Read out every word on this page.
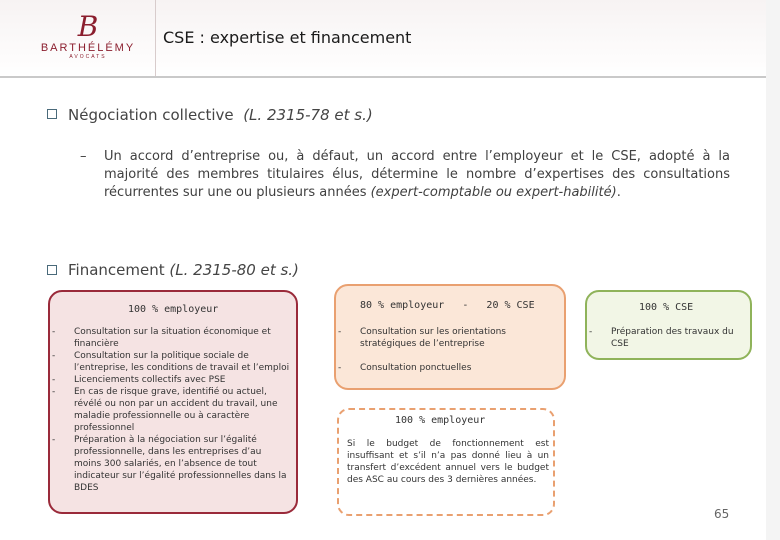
B
BARTHÉLÉMY
AVOCATS
CSE : expertise et financement
Négociation collective (L. 2315-78 et s.)
– Un accord d’entreprise ou, à défaut, un accord entre l’employeur et le CSE, adopté à la majorité des membres titulaires élus, détermine le nombre d’expertises des consultations récurrentes sur une ou plusieurs années (expert-comptable ou expert-habilité).
Financement (L. 2315-80 et s.)
100 % employeur
- Consultation sur la situation économique et financière
- Consultation sur la politique sociale de l’entreprise, les conditions de travail et l’emploi
- Licenciements collectifs avec PSE
- En cas de risque grave, identifié ou actuel, révélé ou non par un accident du travail, une maladie professionnelle ou à caractère professionnel
- Préparation à la négociation sur l’égalité professionnelle, dans les entreprises d’au moins 300 salariés, en l’absence de tout indicateur sur l’égalité professionnelles dans la BDES
80 % employeur   -   20 % CSE
- Consultation sur les orientations stratégiques de l’entreprise
- Consultation ponctuelles
100 % CSE
- Préparation des travaux du CSE
100 % employeur
Si le budget de fonctionnement est insuffisant et s’il n’a pas donné lieu à un transfert d’excédent annuel vers le budget des ASC au cours des 3 dernières années.
65
